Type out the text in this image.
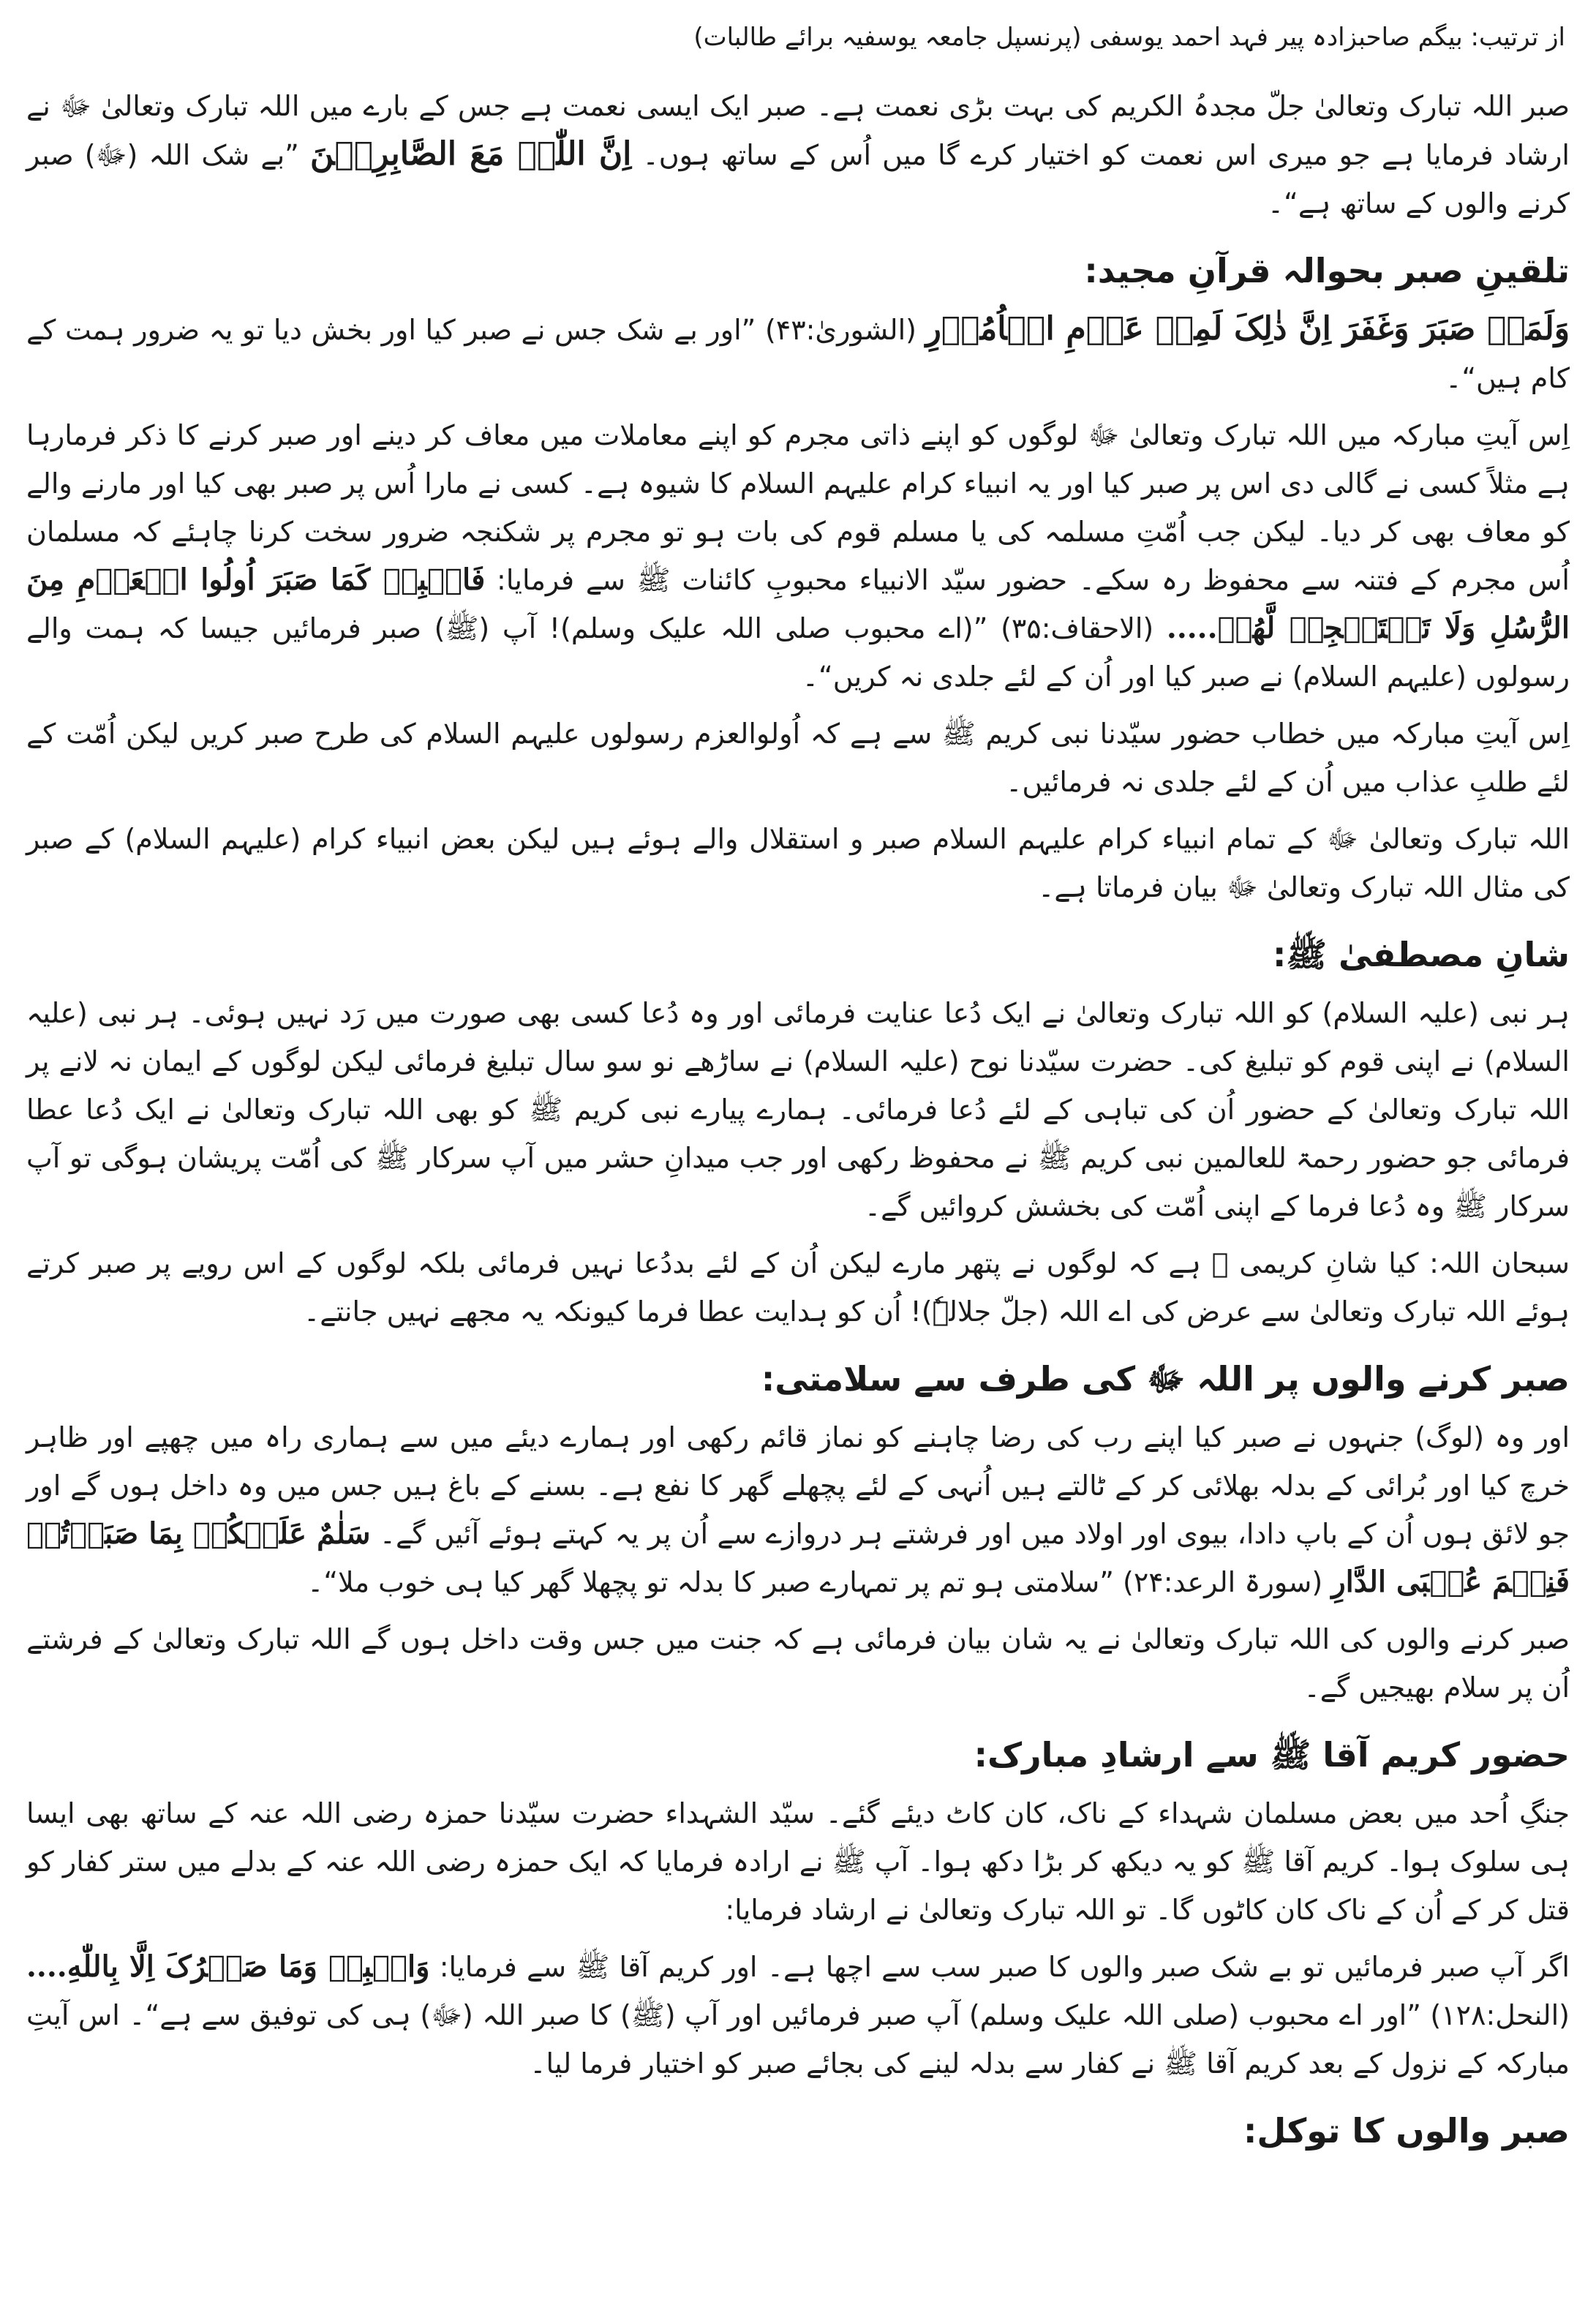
از ترتیب: بیگم صاحبزادہ پیر فہد احمد یوسفی (پرنسپل جامعہ یوسفیہ برائے طالبات)

صبر اللہ تبارک وتعالیٰ جلّ مجدہُ الکریم کی بہت بڑی نعمت ہے۔ صبر ایک ایسی نعمت ہے جس کے بارے میں اللہ تبارک وتعالیٰ ﷻ نے ارشاد فرمایا ہے جو میری اس نعمت کو اختیار کرے گا میں اُس کے ساتھ ہوں۔ اِنَّ اللّٰہَ مَعَ الصَّابِرِیۡنَ ”بے شک اللہ (ﷻ) صبر کرنے والوں کے ساتھ ہے“۔

تلقینِ صبر بحوالہ قرآنِ مجید:

وَلَمَنۡ صَبَرَ وَغَفَرَ اِنَّ ذٰلِکَ لَمِنۡ عَزۡمِ الۡاُمُوۡرِ (الشوریٰ:۴۳) ”اور بے شک جس نے صبر کیا اور بخش دیا تو یہ ضرور ہمت کے کام ہیں“۔

اِس آیتِ مبارکہ میں اللہ تبارک وتعالیٰ ﷻ لوگوں کو اپنے ذاتی مجرم کو اپنے معاملات میں معاف کر دینے اور صبر کرنے کا ذکر فرمارہا ہے مثلاً کسی نے گالی دی اس پر صبر کیا اور یہ انبیاء کرام علیہم السلام کا شیوہ ہے۔ کسی نے مارا اُس پر صبر بھی کیا اور مارنے والے کو معاف بھی کر دیا۔ لیکن جب اُمّتِ مسلمہ کی یا مسلم قوم کی بات ہو تو مجرم پر شکنجہ ضرور سخت کرنا چاہئے کہ مسلمان اُس مجرم کے فتنہ سے محفوظ رہ سکے۔ حضور سیّد الانبیاء محبوبِ کائنات ﷺ سے فرمایا: فَاصۡبِرۡ کَمَا صَبَرَ اُولُوا الۡعَزۡمِ مِنَ الرُّسُلِ وَلَا تَسۡتَعۡجِلۡ لَّهُمۡ..... (الاحقاف:۳۵) ”(اے محبوب صلی اللہ علیک وسلم)! آپ (ﷺ) صبر فرمائیں جیسا کہ ہمت والے رسولوں (علیہم السلام) نے صبر کیا اور اُن کے لئے جلدی نہ کریں“۔

اِس آیتِ مبارکہ میں خطاب حضور سیّدنا نبی کریم ﷺ سے ہے کہ اُولوالعزم رسولوں علیہم السلام کی طرح صبر کریں لیکن اُمّت کے لئے طلبِ عذاب میں اُن کے لئے جلدی نہ فرمائیں۔

اللہ تبارک وتعالیٰ ﷻ کے تمام انبیاء کرام علیہم السلام صبر و استقلال والے ہوئے ہیں لیکن بعض انبیاء کرام (علیہم السلام) کے صبر کی مثال اللہ تبارک وتعالیٰ ﷻ بیان فرماتا ہے۔

شانِ مصطفیٰ ﷺ:

ہر نبی (علیہ السلام) کو اللہ تبارک وتعالیٰ نے ایک دُعا عنایت فرمائی اور وہ دُعا کسی بھی صورت میں رَد نہیں ہوئی۔ ہر نبی (علیہ السلام) نے اپنی قوم کو تبلیغ کی۔ حضرت سیّدنا نوح (علیہ السلام) نے ساڑھے نو سو سال تبلیغ فرمائی لیکن لوگوں کے ایمان نہ لانے پر اللہ تبارک وتعالیٰ کے حضور اُن کی تباہی کے لئے دُعا فرمائی۔ ہمارے پیارے نبی کریم ﷺ کو بھی اللہ تبارک وتعالیٰ نے ایک دُعا عطا فرمائی جو حضور رحمۃ للعالمین نبی کریم ﷺ نے محفوظ رکھی اور جب میدانِ حشر میں آپ سرکار ﷺ کی اُمّت پریشان ہوگی تو آپ سرکار ﷺ وہ دُعا فرما کے اپنی اُمّت کی بخشش کروائیں گے۔

سبحان اللہ: کیا شانِ کریمی ﷺ ہے کہ لوگوں نے پتھر مارے لیکن اُن کے لئے بددُعا نہیں فرمائی بلکہ لوگوں کے اس رویے پر صبر کرتے ہوئے اللہ تبارک وتعالیٰ سے عرض کی اے اللہ (جلّ جلالہٗ)! اُن کو ہدایت عطا فرما کیونکہ یہ مجھے نہیں جانتے۔

صبر کرنے والوں پر اللہ ﷻ کی طرف سے سلامتی:

اور وہ (لوگ) جنہوں نے صبر کیا اپنے رب کی رضا چاہنے کو نماز قائم رکھی اور ہمارے دیئے میں سے ہماری راہ میں چھپے اور ظاہر خرچ کیا اور بُرائی کے بدلہ بھلائی کر کے ٹالتے ہیں اُنہی کے لئے پچھلے گھر کا نفع ہے۔ بسنے کے باغ ہیں جس میں وہ داخل ہوں گے اور جو لائق ہوں اُن کے باپ دادا، بیوی اور اولاد میں اور فرشتے ہر دروازے سے اُن پر یہ کہتے ہوئے آئیں گے۔ سَلٰمٌ عَلَیۡکُمۡ بِمَا صَبَرۡتُمۡ فَنِعۡمَ عُقۡبَی الدَّارِ (سورۃ الرعد:۲۴) ”سلامتی ہو تم پر تمہارے صبر کا بدلہ تو پچھلا گھر کیا ہی خوب ملا“۔

صبر کرنے والوں کی اللہ تبارک وتعالیٰ نے یہ شان بیان فرمائی ہے کہ جنت میں جس وقت داخل ہوں گے اللہ تبارک وتعالیٰ کے فرشتے اُن پر سلام بھیجیں گے۔

حضور کریم آقا ﷺ سے ارشادِ مبارک:

جنگِ اُحد میں بعض مسلمان شہداء کے ناک، کان کاٹ دیئے گئے۔ سیّد الشہداء حضرت سیّدنا حمزہ رضی اللہ عنہ کے ساتھ بھی ایسا ہی سلوک ہوا۔ کریم آقا ﷺ کو یہ دیکھ کر بڑا دکھ ہوا۔ آپ ﷺ نے ارادہ فرمایا کہ ایک حمزہ رضی اللہ عنہ کے بدلے میں ستر کفار کو قتل کر کے اُن کے ناک کان کاٹوں گا۔ تو اللہ تبارک وتعالیٰ نے ارشاد فرمایا:

اگر آپ صبر فرمائیں تو بے شک صبر والوں کا صبر سب سے اچھا ہے۔ اور کریم آقا ﷺ سے فرمایا: وَاصۡبِرۡ وَمَا صَبۡرُکَ اِلَّا بِاللّٰهِ.... (النحل:۱۲۸) ”اور اے محبوب (صلی اللہ علیک وسلم) آپ صبر فرمائیں اور آپ (ﷺ) کا صبر اللہ (ﷻ) ہی کی توفیق سے ہے“۔ اس آیتِ مبارکہ کے نزول کے بعد کریم آقا ﷺ نے کفار سے بدلہ لینے کی بجائے صبر کو اختیار فرما لیا۔

صبر والوں کا توکل:
